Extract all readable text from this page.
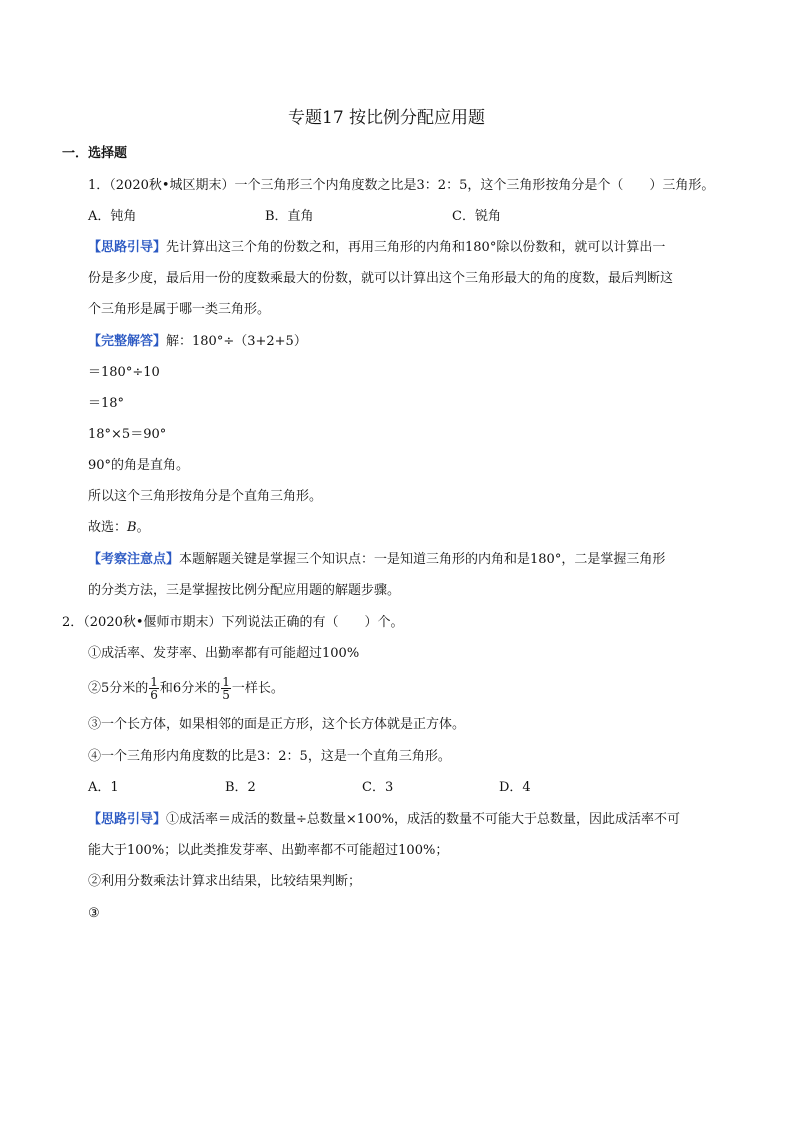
专题17 按比例分配应用题
一．选择题
1．（2020秋•城区期末）一个三角形三个内角度数之比是3：2：5，这个三角形按角分是个（　　）三角形。
A．钝角	B．直角	C．锐角
【思路引导】先计算出这三个角的份数之和，再用三角形的内角和180°除以份数和，就可以计算出一
份是多少度，最后用一份的度数乘最大的份数，就可以计算出这个三角形最大的角的度数，最后判断这
个三角形是属于哪一类三角形。
【完整解答】解：180°÷（3+2+5）
＝180°÷10
＝18°
18°×5＝90°
90°的角是直角。
所以这个三角形按角分是个直角三角形。
故选：B。
【考察注意点】本题解题关键是掌握三个知识点：一是知道三角形的内角和是180°，二是掌握三角形
的分类方法，三是掌握按比例分配应用题的解题步骤。
2．（2020秋•偃师市期末）下列说法正确的有（　　）个。
①成活率、发芽率、出勤率都有可能超过100%
②5分米的 $\frac{1}{6}$ 和6分米的 $\frac{1}{5}$ 一样长。
③一个长方体，如果相邻的面是正方形，这个长方体就是正方体。
④一个三角形内角度数的比是3：2：5，这是一个直角三角形。
A．1	B．2	C．3	D．4
【思路引导】①成活率＝成活的数量÷总数量×100%，成活的数量不可能大于总数量，因此成活率不可
能大于100%；以此类推发芽率、出勤率都不可能超过100%；
②利用分数乘法计算求出结果，比较结果判断；
③
